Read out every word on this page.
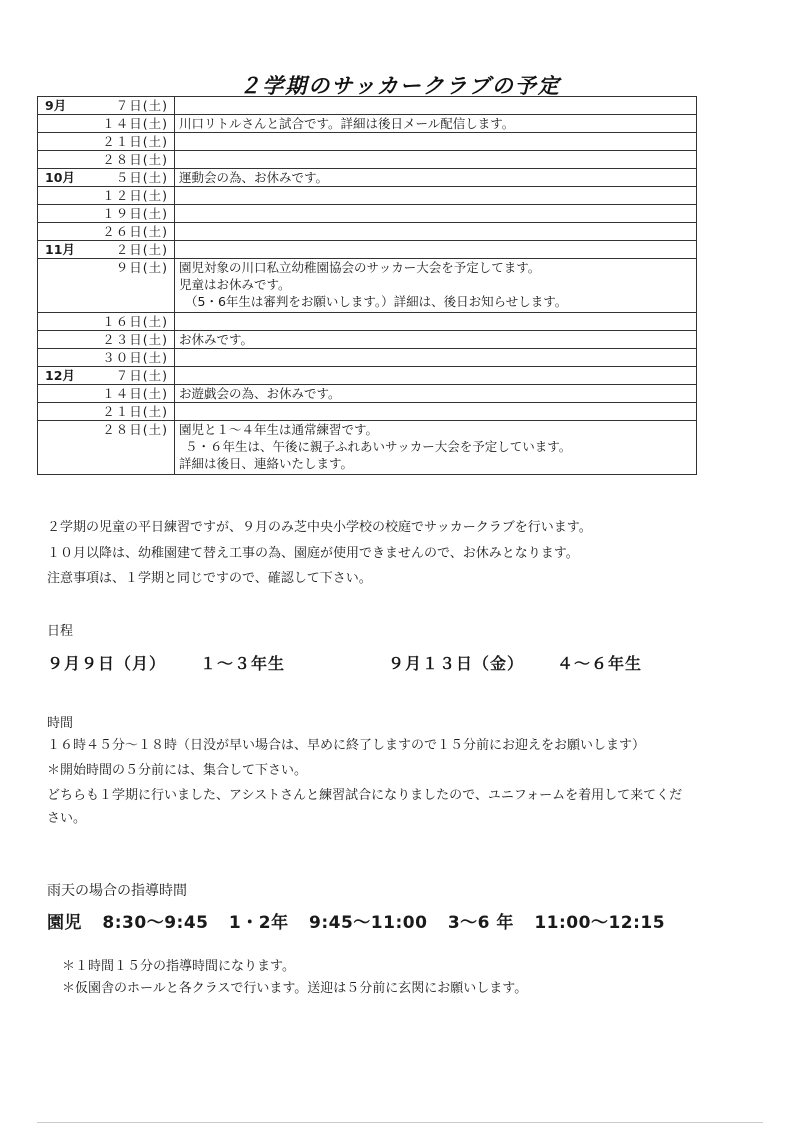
２学期のサッカークラブの予定
9月 ７日(土)	

１４日(土)	川口リトルさんと試合です。詳細は後日メール配信します。

２１日(土)	

２８日(土)	

10月 ５日(土)	運動会の為、お休みです。

１２日(土)	

１９日(土)	

２６日(土)	

11月 ２日(土)	

９日(土)	園児対象の川口私立幼稚園協会のサッカー大会を予定してます。
児童はお休みです。
（5・6年生は審判をお願いします。）詳細は、後日お知らせします。

１６日(土)	

２３日(土)	お休みです。

３０日(土)	

12月 ７日(土)	

１４日(土)	お遊戯会の為、お休みです。

２１日(土)	

２８日(土)	園児と１～４年生は通常練習です。
５・６年生は、午後に親子ふれあいサッカー大会を予定しています。
詳細は後日、連絡いたします。
２学期の児童の平日練習ですが、９月のみ芝中央小学校の校庭でサッカークラブを行います。
１０月以降は、幼稚園建て替え工事の為、園庭が使用できませんので、お休みとなります。
注意事項は、１学期と同じですので、確認して下さい。
日程
９月９日（月） １～３年生	９月１３日（金） ４～６年生
時間
１６時４５分～１８時（日没が早い場合は、早めに終了しますので１５分前にお迎えをお願いします）
＊開始時間の５分前には、集合して下さい。
どちらも１学期に行いました、アシストさんと練習試合になりましたので、ユニフォームを着用して来てくだ
さい。
雨天の場合の指導時間
園児 8:30～9:45 1・2年 9:45～11:00 3～6 年 11:00～12:15
＊１時間１５分の指導時間になります。
＊仮園舎のホールと各クラスで行います。送迎は５分前に玄関にお願いします。
